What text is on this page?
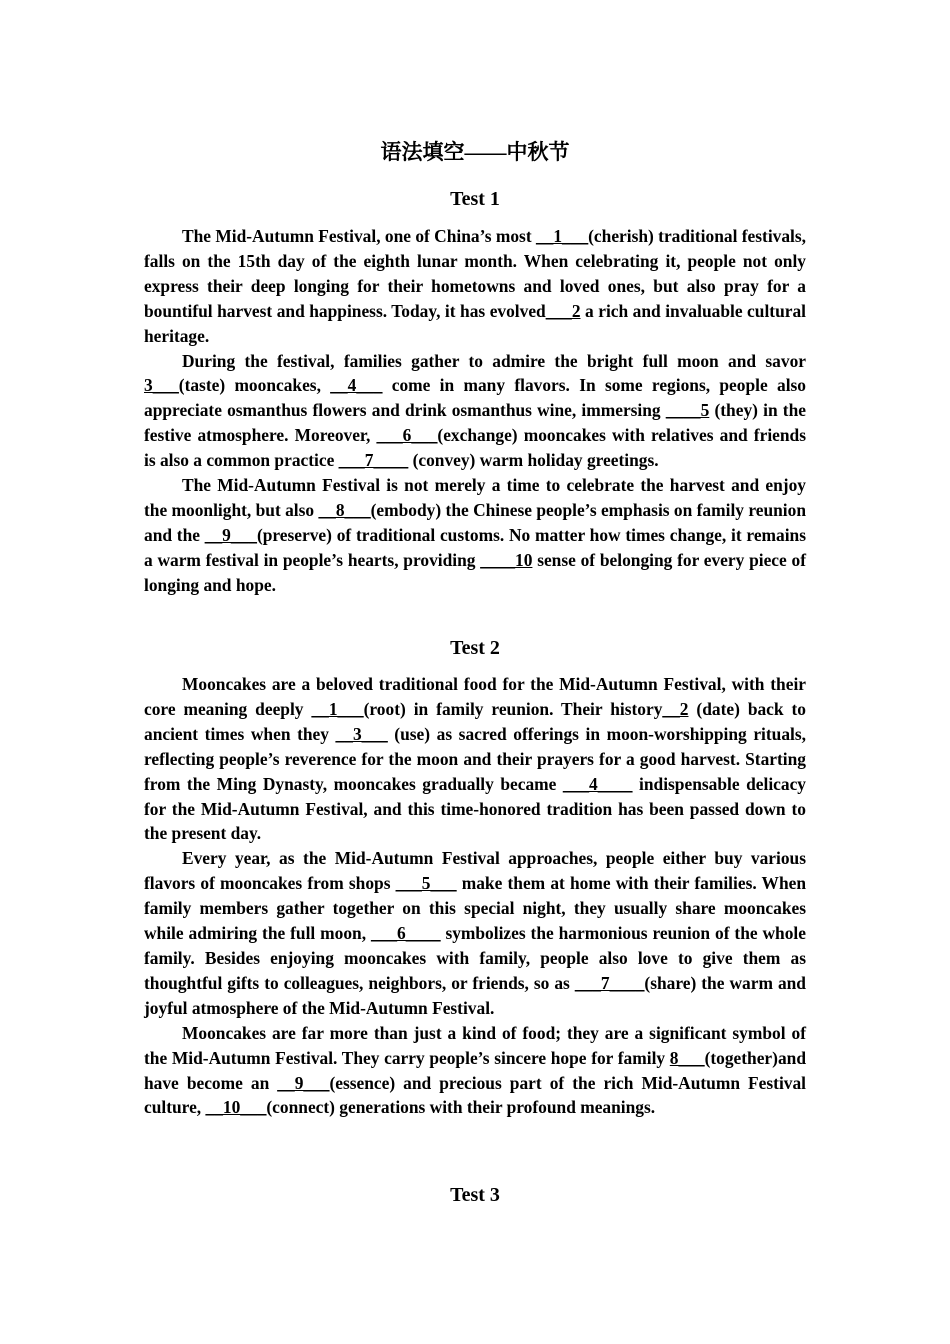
语法填空——中秋节
Test 1

The Mid-Autumn Festival, one of China’s most __1___(cherish) traditional festivals, falls on the 15th day of the eighth lunar month. When celebrating it, people not only express their deep longing for their hometowns and loved ones, but also pray for a bountiful harvest and happiness. Today, it has evolved___2 a rich and invaluable cultural heritage.

During the festival, families gather to admire the bright full moon and savor 3___(taste) mooncakes, __4___ come in many flavors. In some regions, people also appreciate osmanthus flowers and drink osmanthus wine, immersing ____5 (they) in the festive atmosphere. Moreover, ___6___(exchange) mooncakes with relatives and friends is also a common practice ___7____ (convey) warm holiday greetings.

The Mid-Autumn Festival is not merely a time to celebrate the harvest and enjoy the moonlight, but also __8___(embody) the Chinese people’s emphasis on family reunion and the __9___(preserve) of traditional customs. No matter how times change, it remains a warm festival in people’s hearts, providing ____10 sense of belonging for every piece of longing and hope.

Test 2

Mooncakes are a beloved traditional food for the Mid-Autumn Festival, with their core meaning deeply __1___(root) in family reunion. Their history__2 (date) back to ancient times when they __3___ (use) as sacred offerings in moon-worshipping rituals, reflecting people’s reverence for the moon and their prayers for a good harvest. Starting from the Ming Dynasty, mooncakes gradually became ___4____ indispensable delicacy for the Mid-Autumn Festival, and this time-honored tradition has been passed down to the present day.

Every year, as the Mid-Autumn Festival approaches, people either buy various flavors of mooncakes from shops ___5___ make them at home with their families. When family members gather together on this special night, they usually share mooncakes while admiring the full moon, ___6____ symbolizes the harmonious reunion of the whole family. Besides enjoying mooncakes with family, people also love to give them as thoughtful gifts to colleagues, neighbors, or friends, so as ___7____(share) the warm and joyful atmosphere of the Mid-Autumn Festival.

Mooncakes are far more than just a kind of food; they are a significant symbol of the Mid-Autumn Festival. They carry people’s sincere hope for family 8___(together)and have become an __9___(essence) and precious part of the rich Mid-Autumn Festival culture, __10___(connect) generations with their profound meanings.

Test 3
